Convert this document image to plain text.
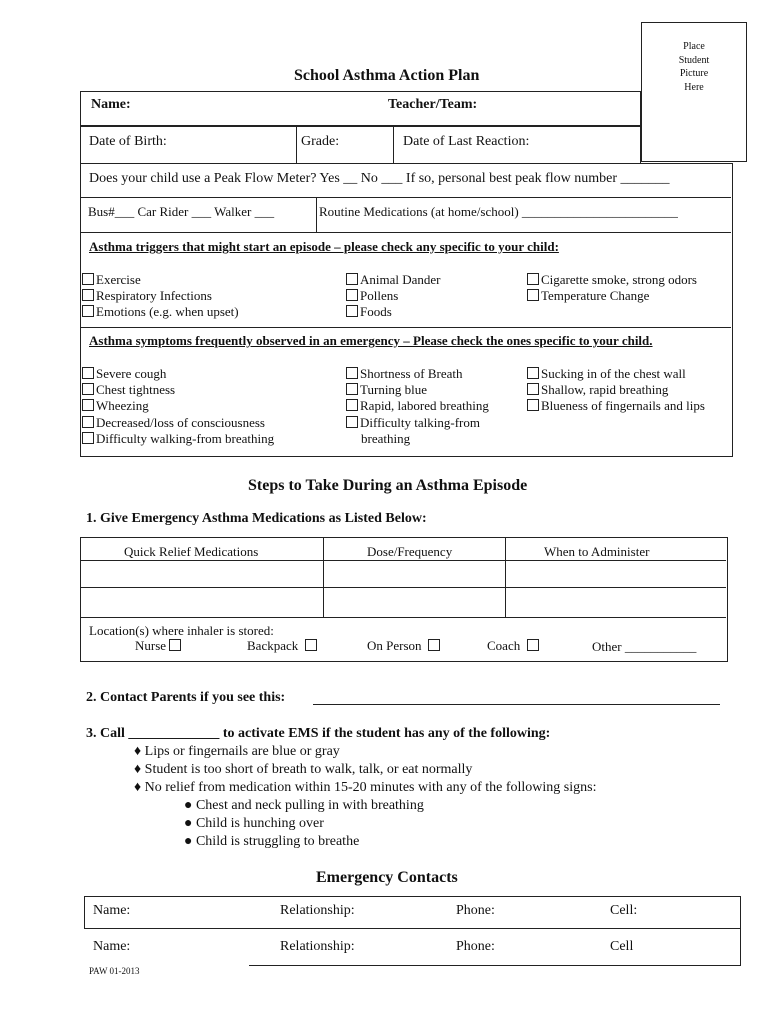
Place
Student
Picture
Here
School Asthma Action Plan
Name:	Teacher/Team:
Date of Birth:	Grade:	Date of Last Reaction:
Does your child use a Peak Flow Meter? Yes __ No ___ If so, personal best peak flow number _______
Bus#___ Car Rider ___ Walker ___	Routine Medications (at home/school) ________________________
Asthma triggers that might start an episode – please check any specific to your child:
Exercise
Respiratory Infections
Emotions (e.g. when upset)
Animal Dander
Pollens
Foods
Cigarette smoke, strong odors
Temperature Change
Asthma symptoms frequently observed in an emergency – Please check the ones specific to your child.
Severe cough
Chest tightness
Wheezing
Decreased/loss of consciousness
Difficulty walking-from breathing
Shortness of Breath
Turning blue
Rapid, labored breathing
Difficulty talking-from
breathing
Sucking in of the chest wall
Shallow, rapid breathing
Blueness of fingernails and lips
Steps to Take During an Asthma Episode
1. Give Emergency Asthma Medications as Listed Below:
Quick Relief Medications	Dose/Frequency	When to Administer
Location(s) where inhaler is stored:
Nurse	Backpack	On Person	Coach	Other ___________
2. Contact Parents if you see this:
3. Call _____________ to activate EMS if the student has any of the following:
♦ Lips or fingernails are blue or gray
♦ Student is too short of breath to walk, talk, or eat normally
♦ No relief from medication within 15-20 minutes with any of the following signs:
● Chest and neck pulling in with breathing
● Child is hunching over
● Child is struggling to breathe
Emergency Contacts
Name:	Relationship:	Phone:	Cell:
Name:	Relationship:	Phone:	Cell
PAW 01-2013
